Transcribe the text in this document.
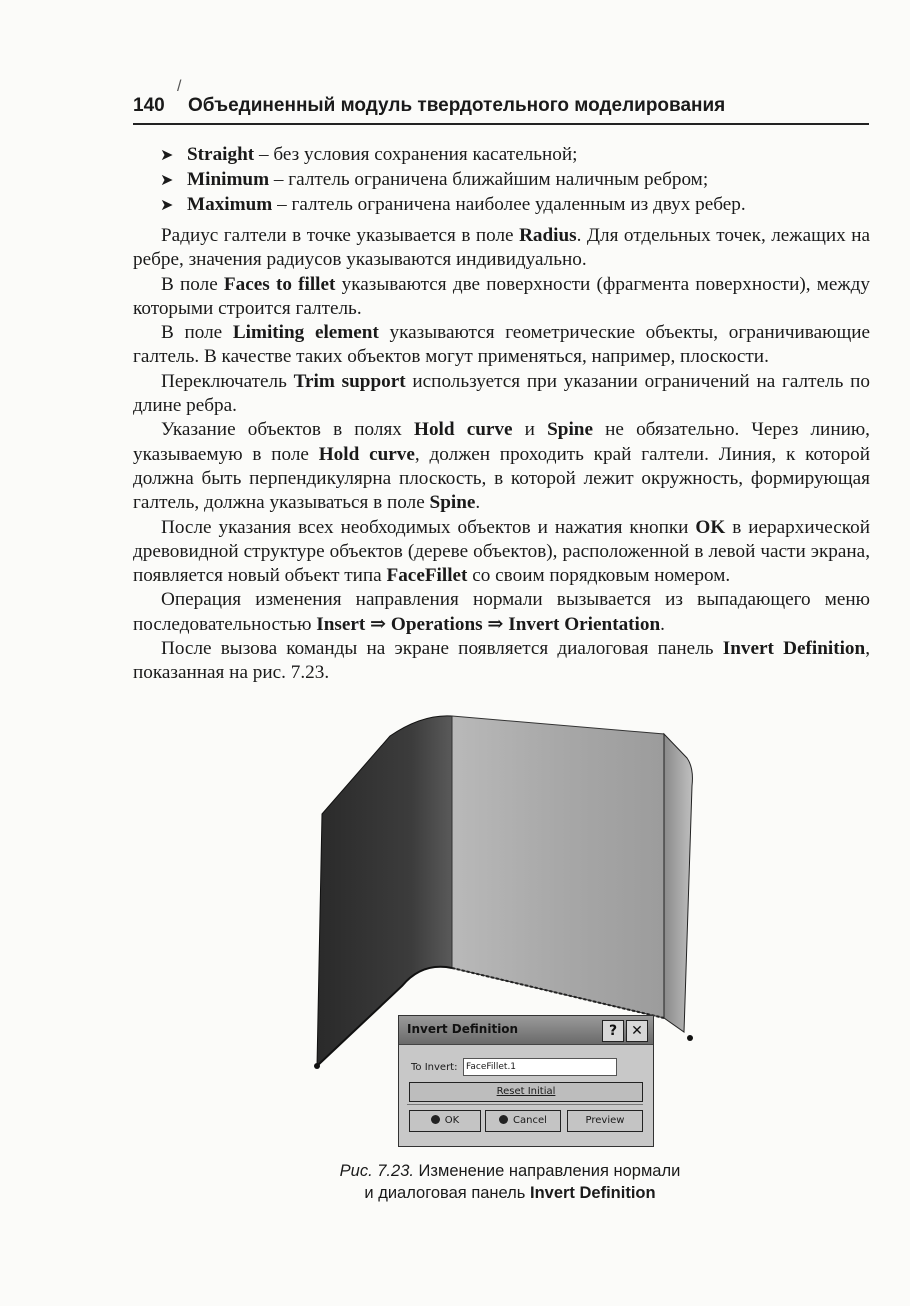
140
/
Объединенный модуль твердотельного моделирования
➤ Straight – без условия сохранения касательной;
➤ Minimum – галтель ограничена ближайшим наличным ребром;
➤ Maximum – галтель ограничена наиболее удаленным из двух ребер.

Радиус галтели в точке указывается в поле Radius. Для отдельных точек, лежащих на ребре, значения радиусов указываются индивидуально.

В поле Faces to fillet указываются две поверхности (фрагмента поверхности), между которыми строится галтель.

В поле Limiting element указываются геометрические объекты, ограничивающие галтель. В качестве таких объектов могут применяться, например, плоскости.

Переключатель Trim support используется при указании ограничений на галтель по длине ребра.

Указание объектов в полях Hold curve и Spine не обязательно. Через линию, указываемую в поле Hold curve, должен проходить край галтели. Линия, к которой должна быть перпендикулярна плоскость, в которой лежит окружность, формирующая галтель, должна указываться в поле Spine.

После указания всех необходимых объектов и нажатия кнопки OK в иерархической древовидной структуре объектов (дереве объектов), расположенной в левой части экрана, появляется новый объект типа FaceFillet со своим порядковым номером.

Операция изменения направления нормали вызывается из выпадающего меню последовательностью Insert ⇒ Operations ⇒ Invert Orientation.

После вызова команды на экране появляется диалоговая панель Invert Definition, показанная на рис. 7.23.

Invert Definition	?	✕
To Invert: FaceFillet.1
Reset Initial
OK	Cancel	Preview
Рис. 7.23. Изменение направления нормали
и диалоговая панель Invert Definition
